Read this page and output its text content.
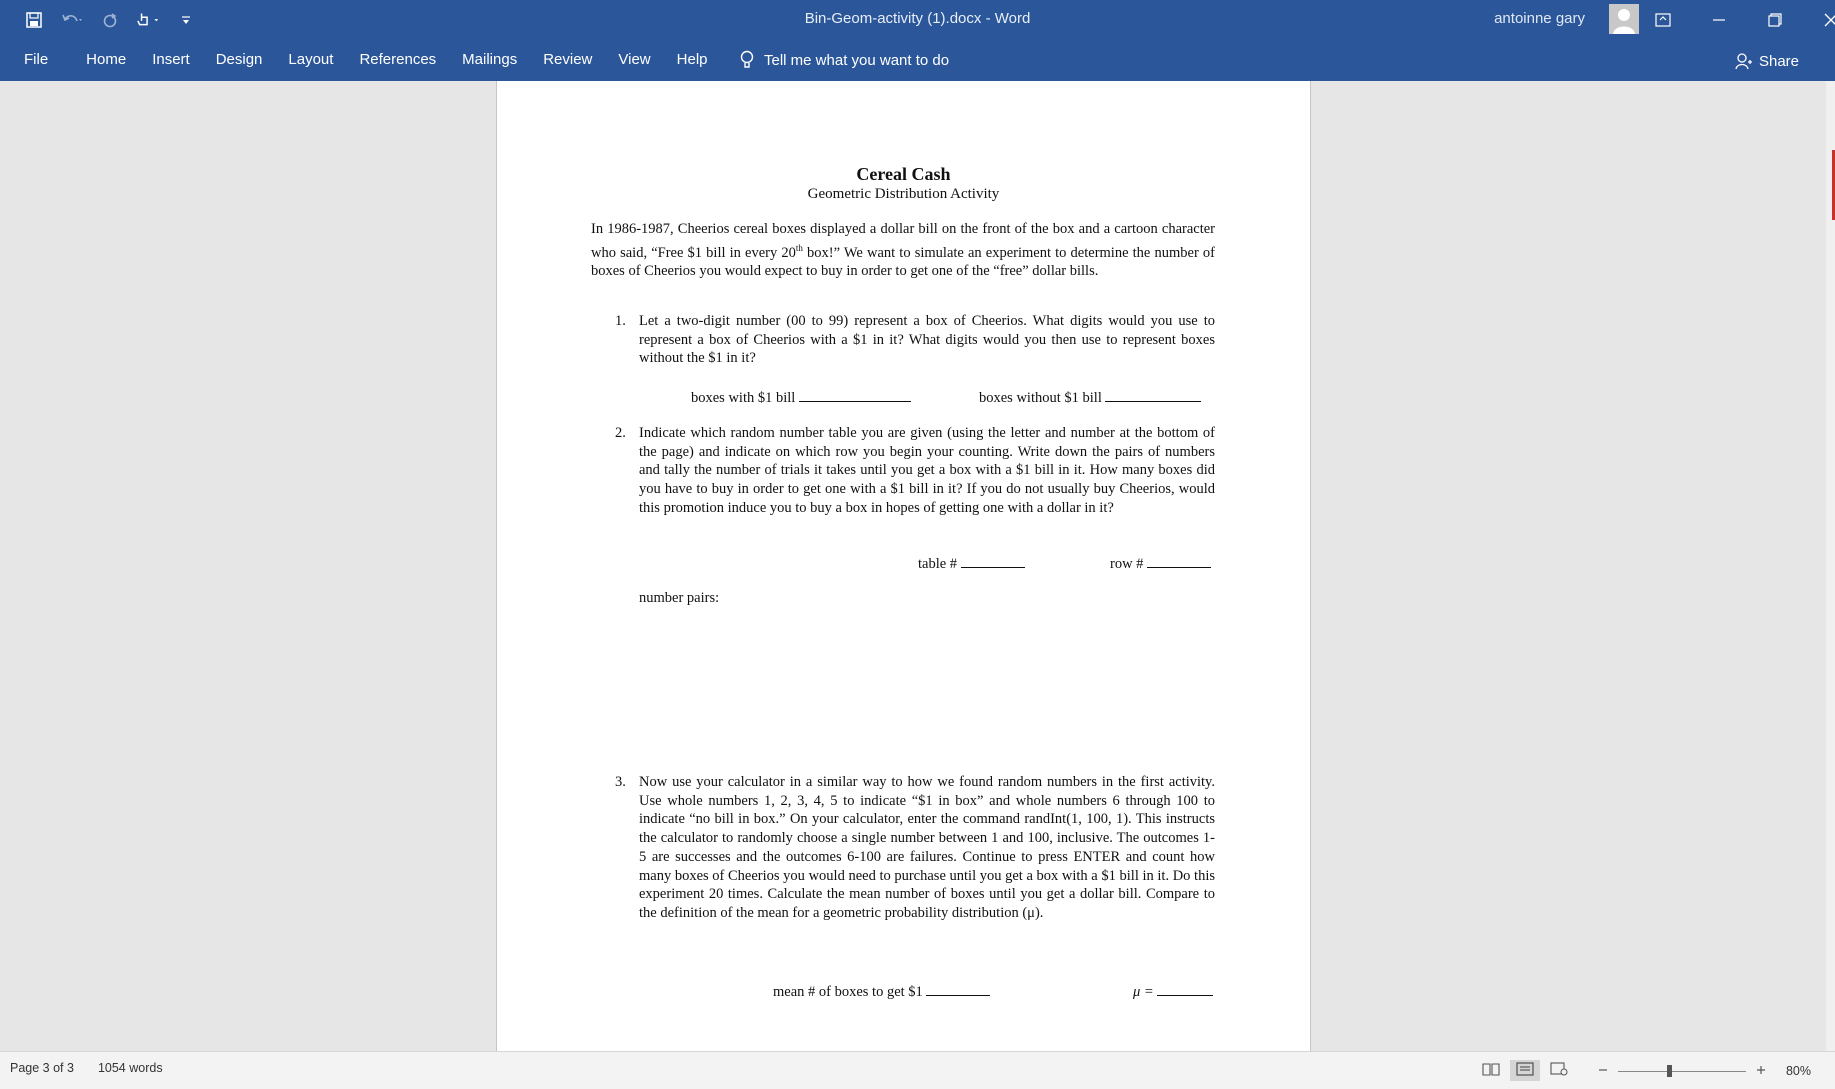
Bin-Geom-activity (1).docx - Word	antoinne gary
File	Home Insert Design Layout References Mailings Review View Help	Tell me what you want to do	Share
Cereal Cash
Geometric Distribution Activity
In 1986-1987, Cheerios cereal boxes displayed a dollar bill on the front of the box and a cartoon character who said, “Free $1 bill in every 20th box!” We want to simulate an experiment to determine the number of boxes of Cheerios you would expect to buy in order to get one of the “free” dollar bills.
1. Let a two-digit number (00 to 99) represent a box of Cheerios. What digits would you use to represent a box of Cheerios with a $1 in it? What digits would you then use to represent boxes without the $1 in it?
boxes with $1 bill	boxes without $1 bill
2. Indicate which random number table you are given (using the letter and number at the bottom of the page) and indicate on which row you begin your counting. Write down the pairs of numbers and tally the number of trials it takes until you get a box with a $1 bill in it. How many boxes did you have to buy in order to get one with a $1 bill in it? If you do not usually buy Cheerios, would this promotion induce you to buy a box in hopes of getting one with a dollar in it?
table #	row #
number pairs:
3. Now use your calculator in a similar way to how we found random numbers in the first activity. Use whole numbers 1, 2, 3, 4, 5 to indicate “$1 in box” and whole numbers 6 through 100 to indicate “no bill in box.” On your calculator, enter the command randInt(1, 100, 1). This instructs the calculator to randomly choose a single number between 1 and 100, inclusive. The outcomes 1-5 are successes and the outcomes 6-100 are failures. Continue to press ENTER and count how many boxes of Cheerios you would need to purchase until you get a box with a $1 bill in it. Do this experiment 20 times. Calculate the mean number of boxes until you get a dollar bill. Compare to the definition of the mean for a geometric probability distribution (μ).
mean # of boxes to get $1	μ =
Page 3 of 3 1054 words	80%
